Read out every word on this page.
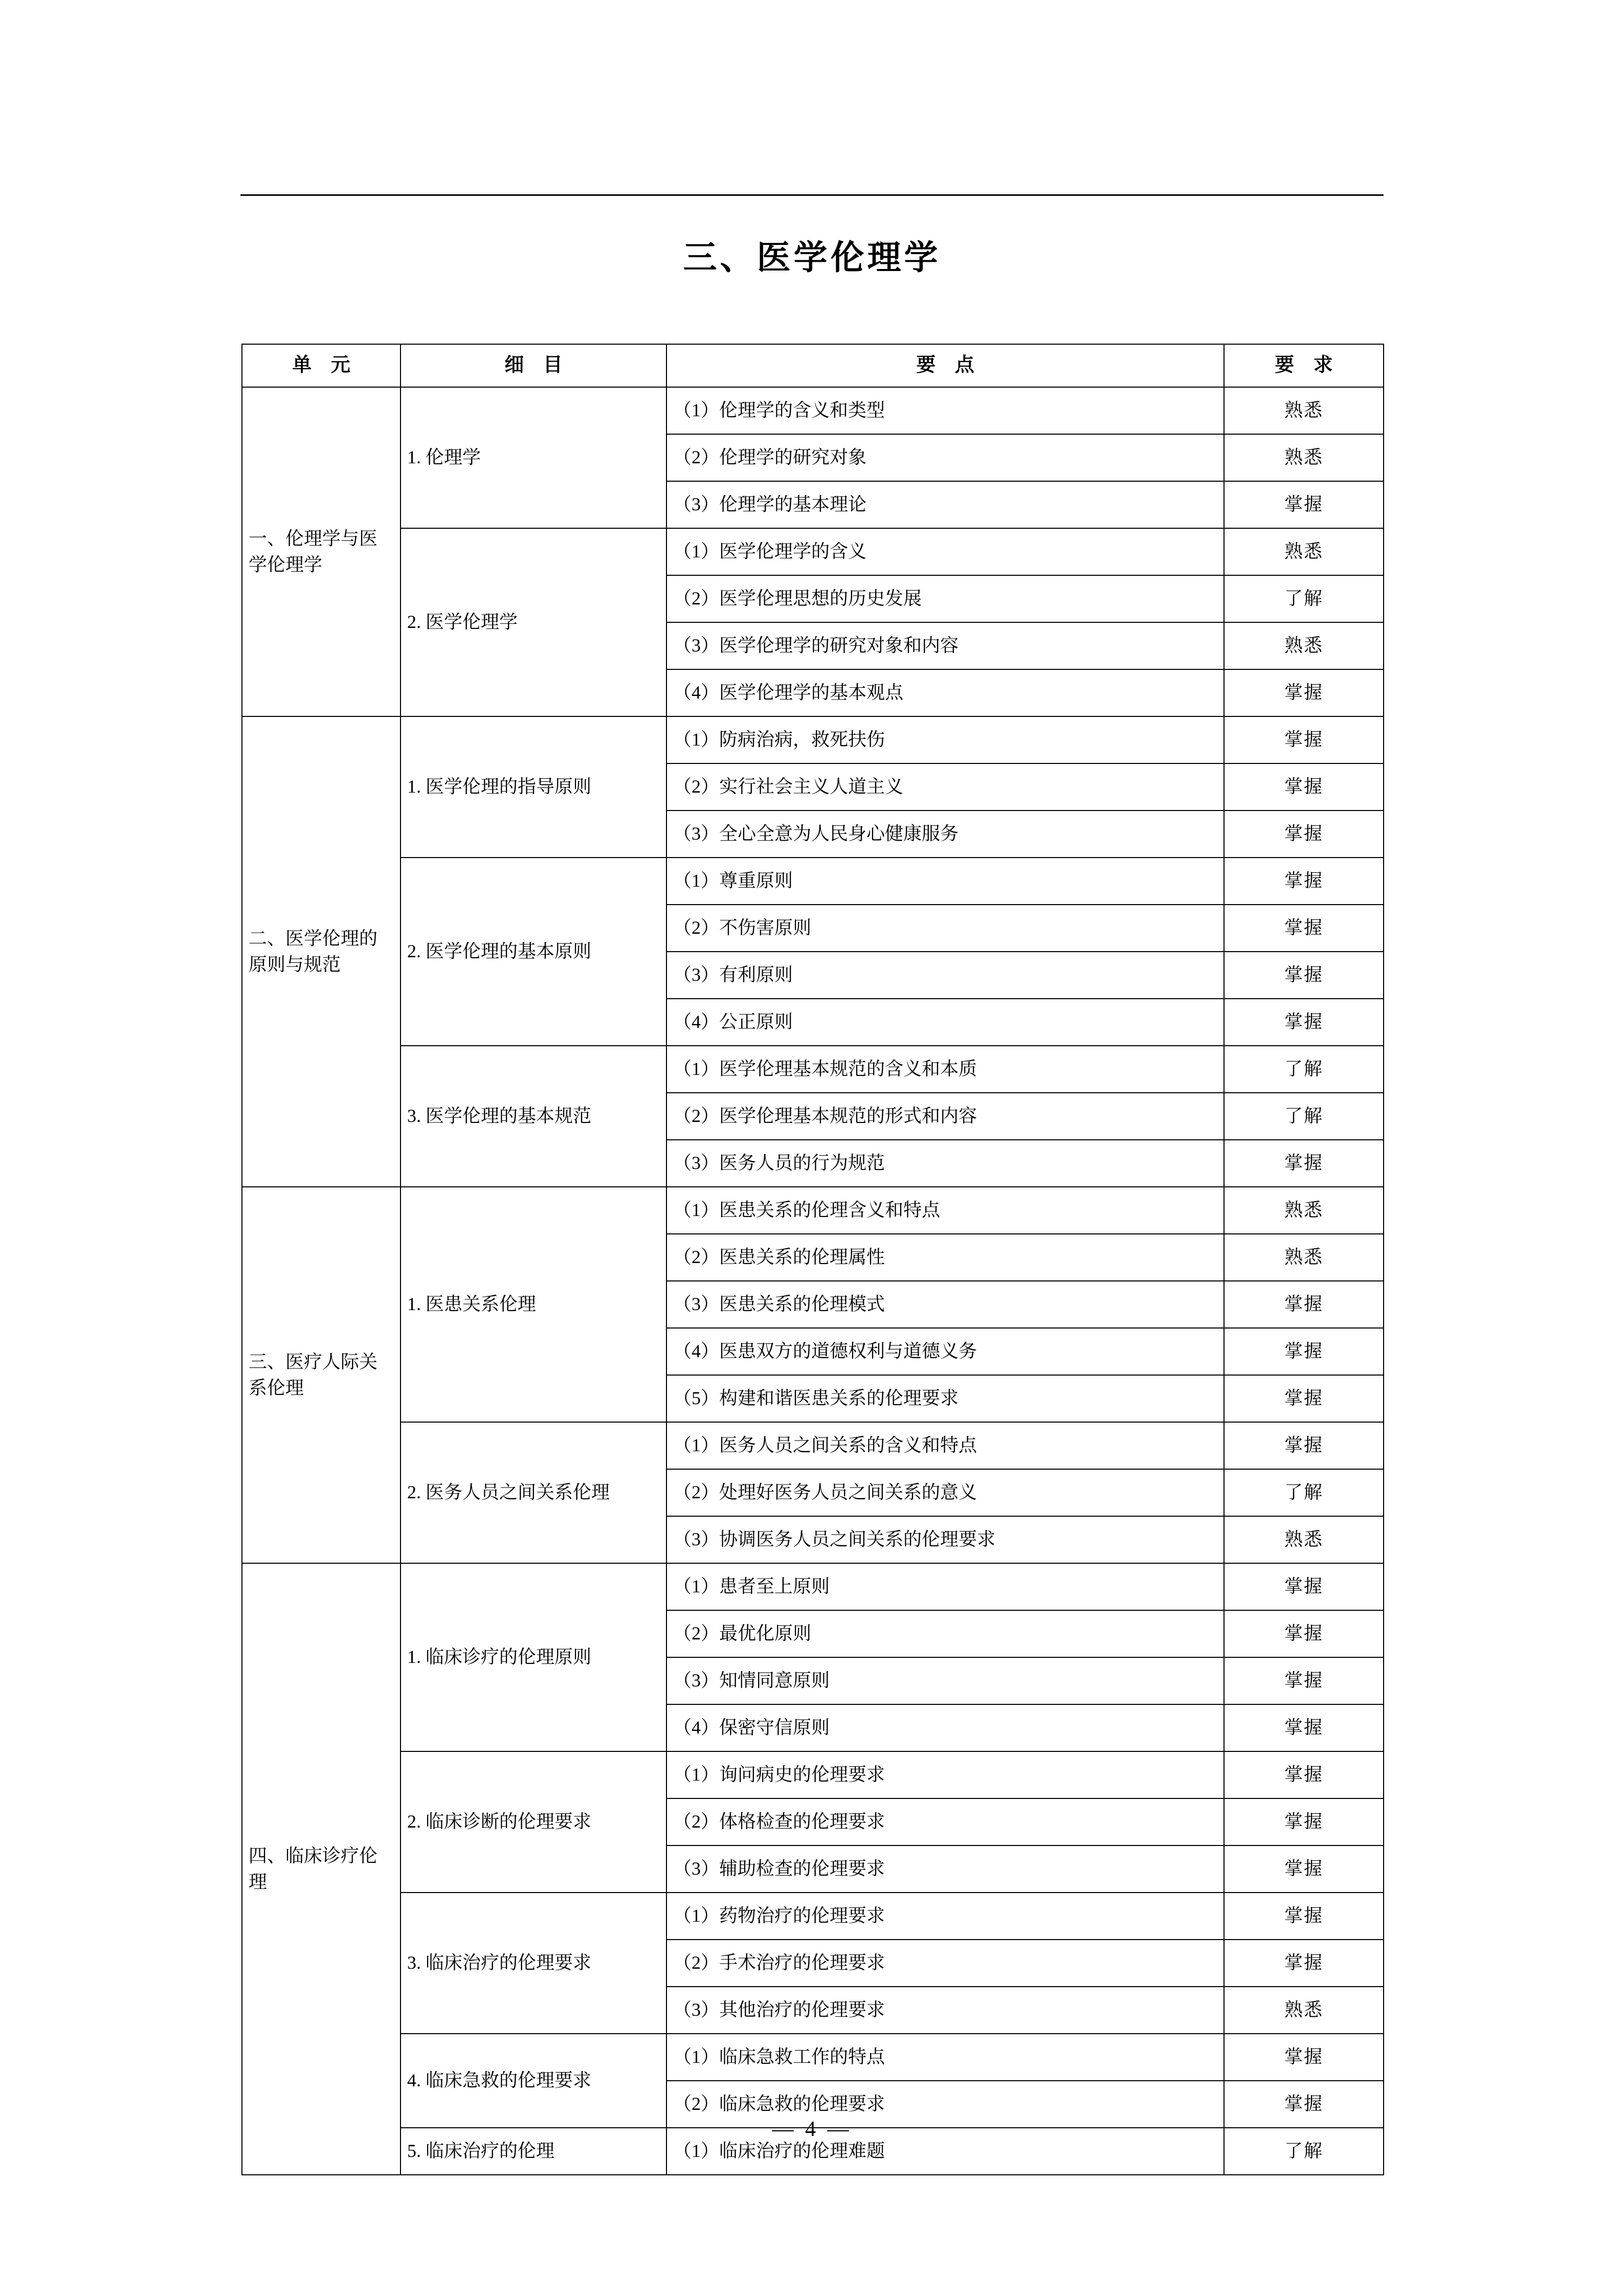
三、医学伦理学
单 元	细 目	要 点	要 求
一、伦理学与医学伦理学	1. 伦理学	（1）伦理学的含义和类型	熟悉
		（2）伦理学的研究对象	熟悉
		（3）伦理学的基本理论	掌握
	2. 医学伦理学	（1）医学伦理学的含义	熟悉
		（2）医学伦理思想的历史发展	了解
		（3）医学伦理学的研究对象和内容	熟悉
		（4）医学伦理学的基本观点	掌握
二、医学伦理的原则与规范	1. 医学伦理的指导原则	（1）防病治病，救死扶伤	掌握
		（2）实行社会主义人道主义	掌握
		（3）全心全意为人民身心健康服务	掌握
	2. 医学伦理的基本原则	（1）尊重原则	掌握
		（2）不伤害原则	掌握
		（3）有利原则	掌握
		（4）公正原则	掌握
	3. 医学伦理的基本规范	（1）医学伦理基本规范的含义和本质	了解
		（2）医学伦理基本规范的形式和内容	了解
		（3）医务人员的行为规范	掌握
三、医疗人际关系伦理	1. 医患关系伦理	（1）医患关系的伦理含义和特点	熟悉
		（2）医患关系的伦理属性	熟悉
		（3）医患关系的伦理模式	掌握
		（4）医患双方的道德权利与道德义务	掌握
		（5）构建和谐医患关系的伦理要求	掌握
	2. 医务人员之间关系伦理	（1）医务人员之间关系的含义和特点	掌握
		（2）处理好医务人员之间关系的意义	了解
		（3）协调医务人员之间关系的伦理要求	熟悉
四、临床诊疗伦理	1. 临床诊疗的伦理原则	（1）患者至上原则	掌握
		（2）最优化原则	掌握
		（3）知情同意原则	掌握
		（4）保密守信原则	掌握
	2. 临床诊断的伦理要求	（1）询问病史的伦理要求	掌握
		（2）体格检查的伦理要求	掌握
		（3）辅助检查的伦理要求	掌握
	3. 临床治疗的伦理要求	（1）药物治疗的伦理要求	掌握
		（2）手术治疗的伦理要求	掌握
		（3）其他治疗的伦理要求	熟悉
	4. 临床急救的伦理要求	（1）临床急救工作的特点	掌握
		（2）临床急救的伦理要求	掌握
	5. 临床治疗的伦理	（1）临床治疗的伦理难题	了解
— 4 —
